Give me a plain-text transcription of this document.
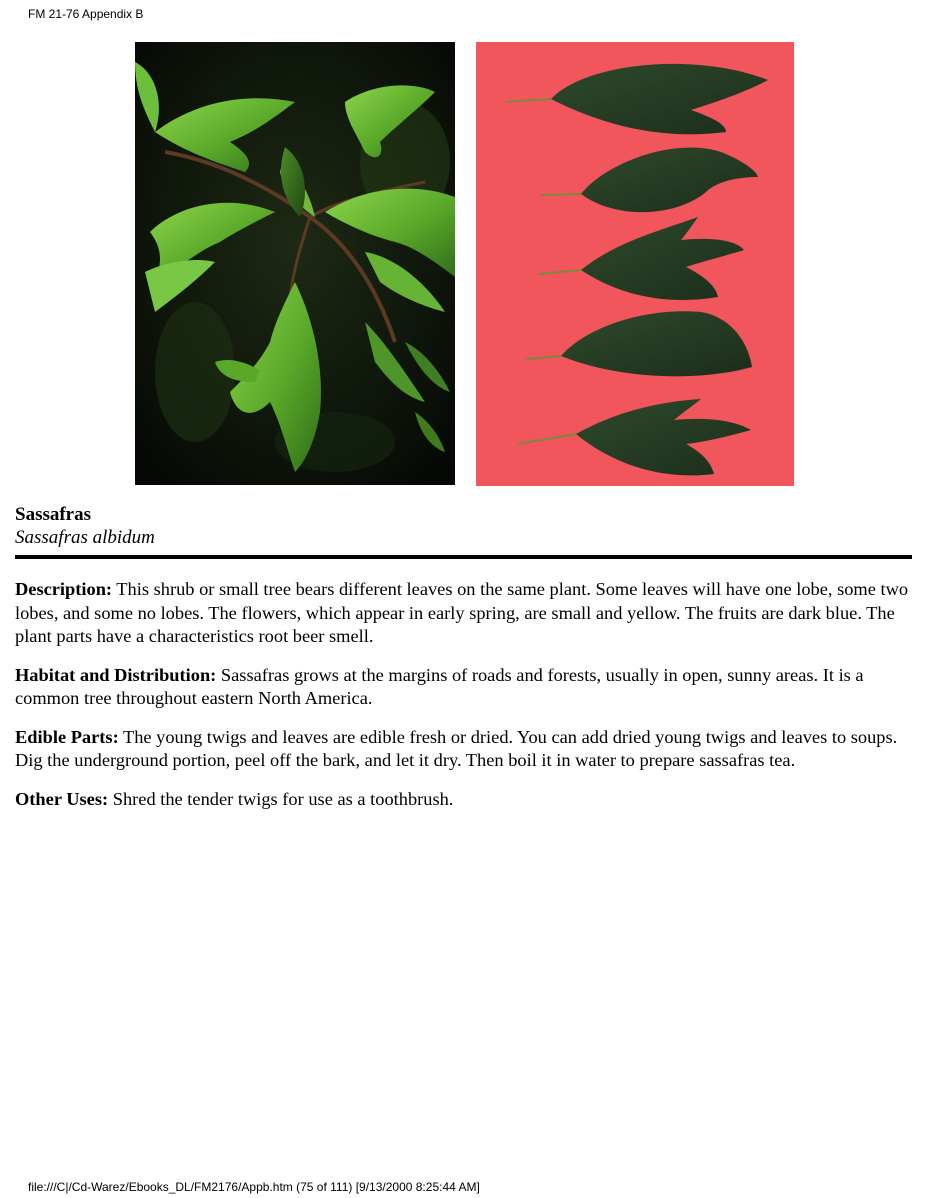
FM 21-76 Appendix B
Sassafras
Sassafras albidum

Description: This shrub or small tree bears different leaves on the same plant. Some leaves will have one lobe, some two lobes, and some no lobes. The flowers, which appear in early spring, are small and yellow. The fruits are dark blue. The plant parts have a characteristics root beer smell.

Habitat and Distribution: Sassafras grows at the margins of roads and forests, usually in open, sunny areas. It is a common tree throughout eastern North America.

Edible Parts: The young twigs and leaves are edible fresh or dried. You can add dried young twigs and leaves to soups. Dig the underground portion, peel off the bark, and let it dry. Then boil it in water to prepare sassafras tea.

Other Uses: Shred the tender twigs for use as a toothbrush.

file:///C|/Cd-Warez/Ebooks_DL/FM2176/Appb.htm (75 of 111) [9/13/2000 8:25:44 AM]
